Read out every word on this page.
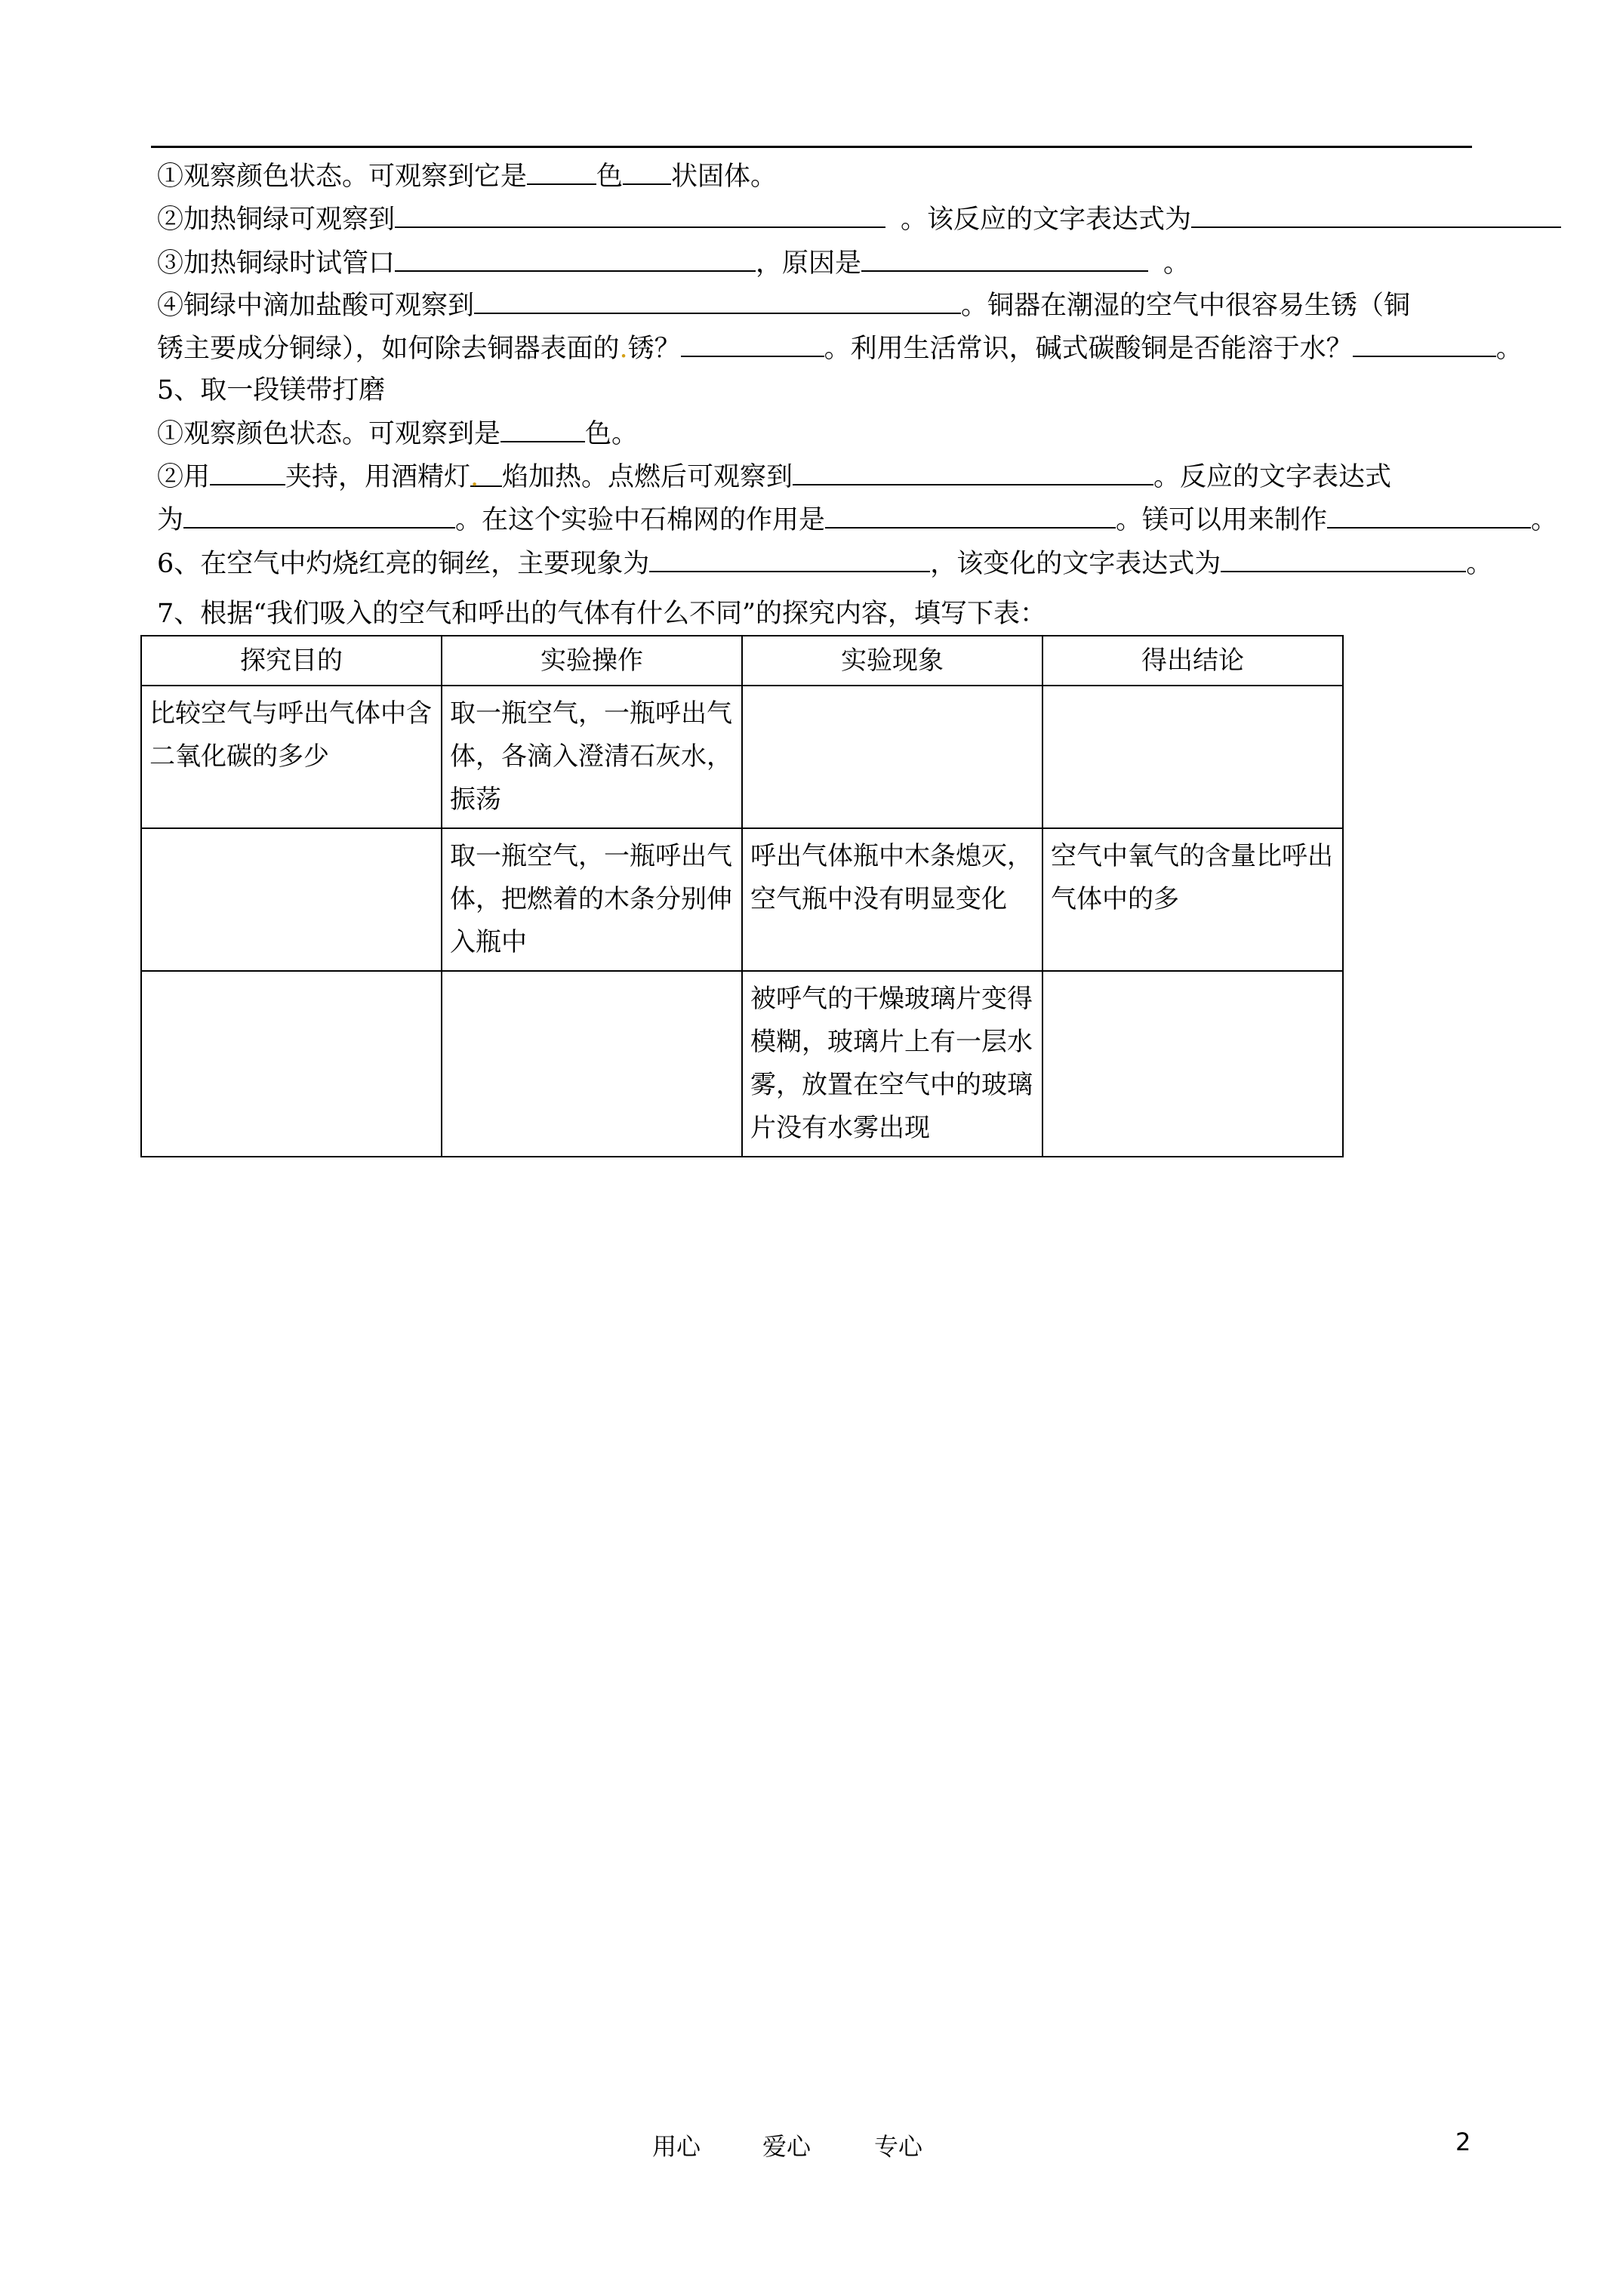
①观察颜色状态。可观察到它是	色 状固体。
②加热铜绿可观察到	。该反应的文字表达式为
③加热铜绿时试管口	，原因是	。
④铜绿中滴加盐酸可观察到	。铜器在潮湿的空气中很容易生锈（铜
锈主要成分铜绿），如何除去铜器表面的.锈？	。利用生活常识，碱式碳酸铜是否能溶于水？	。
5、取一段镁带打磨
①观察颜色状态。可观察到是	色。
②用	夹持，用酒精灯. 焰加热。点燃后可观察到	。反应的文字表达式
为	。在这个实验中石棉网的作用是	。镁可以用来制作	。
6、在空气中灼烧红亮的铜丝，主要现象为	，该变化的文字表达式为	。
7、根据“我们吸入的空气和呼出的气体有什么不同”的探究内容，填写下表：
探究目的	实验操作	实验现象	得出结论
比较空气与呼出气体中含二氧化碳的多少	取一瓶空气，一瓶呼出气体，各滴入澄清石灰水，振荡		
	取一瓶空气，一瓶呼出气体，把燃着的木条分别伸入瓶中	呼出气体瓶中木条熄灭，空气瓶中没有明显变化	空气中氧气的含量比呼出气体中的多
		被呼气的干燥玻璃片变得模糊，玻璃片上有一层水雾，放置在空气中的玻璃片没有水雾出现	
用心	爱心	专心	2
